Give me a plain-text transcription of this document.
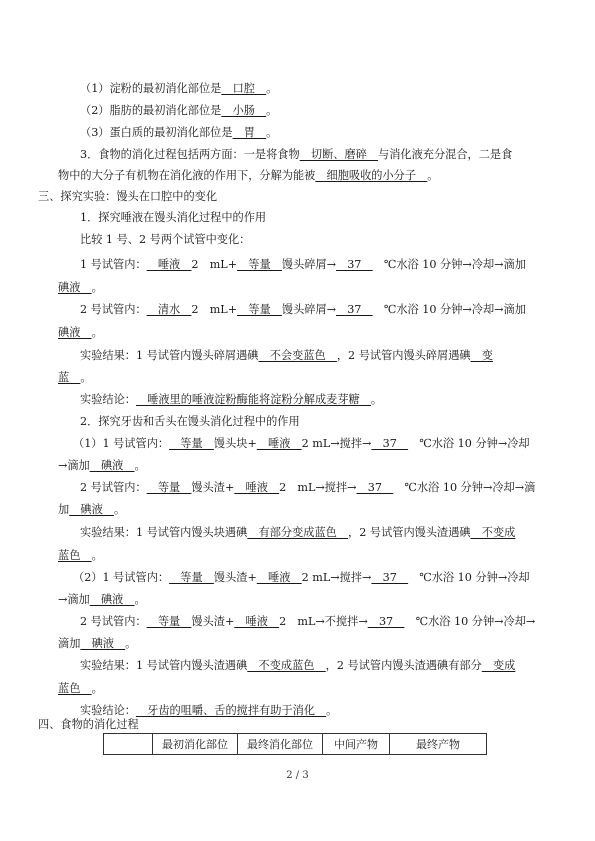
（1）淀粉的最初消化部位是__口腔__。
（2）脂肪的最初消化部位是__小肠__。
（3）蛋白质的最初消化部位是__胃__。
3．食物的消化过程包括两方面：一是将食物__切断、磨碎__与消化液充分混合，二是食
物中的大分子有机物在消化液的作用下，分解为能被__细胞吸收的小分子__。
三、探究实验：馒头在口腔中的变化
1．探究唾液在馒头消化过程中的作用
比较 1 号、2 号两个试管中变化：
1 号试管内：__唾液__2　mL+__等量__馒头碎屑→__37__　℃水浴 10 分钟→冷却→滴加
碘液__。
2 号试管内：__清水__2　mL+__等量__馒头碎屑→__37__　℃水浴 10 分钟→冷却→滴加
碘液__。
实验结果：1 号试管内馒头碎屑遇碘__不会变蓝色__，2 号试管内馒头碎屑遇碘__变
蓝__。
实验结论：__唾液里的唾液淀粉酶能将淀粉分解成麦芽糖__。
2．探究牙齿和舌头在馒头消化过程中的作用
（1）1 号试管内：__等量__馒头块+__唾液__2 mL→搅拌→__37__　℃水浴 10 分钟→冷却
→滴加__碘液__。
2 号试管内：__等量__馒头渣+__唾液__2　mL→搅拌→__37__　℃水浴 10 分钟→冷却→滴
加__碘液__。
实验结果：1 号试管内馒头块遇碘__有部分变成蓝色__，2 号试管内馒头渣遇碘__不变成
蓝色__。
（2）1 号试管内：__等量__馒头渣+__唾液__2 mL→搅拌→__37__　℃水浴 10 分钟→冷却
→滴加__碘液__。
2 号试管内：__等量__馒头渣+__唾液__2　mL→不搅拌→__37__　℃水浴 10 分钟→冷却→
滴加__碘液__。
实验结果：1 号试管内馒头渣遇碘__不变成蓝色__，2 号试管内馒头渣遇碘有部分__变成
蓝色__。
实验结论：__牙齿的咀嚼、舌的搅拌有助于消化__。
四、食物的消化过程
	最初消化部位	最终消化部位	中间产物	最终产物
2 / 3
